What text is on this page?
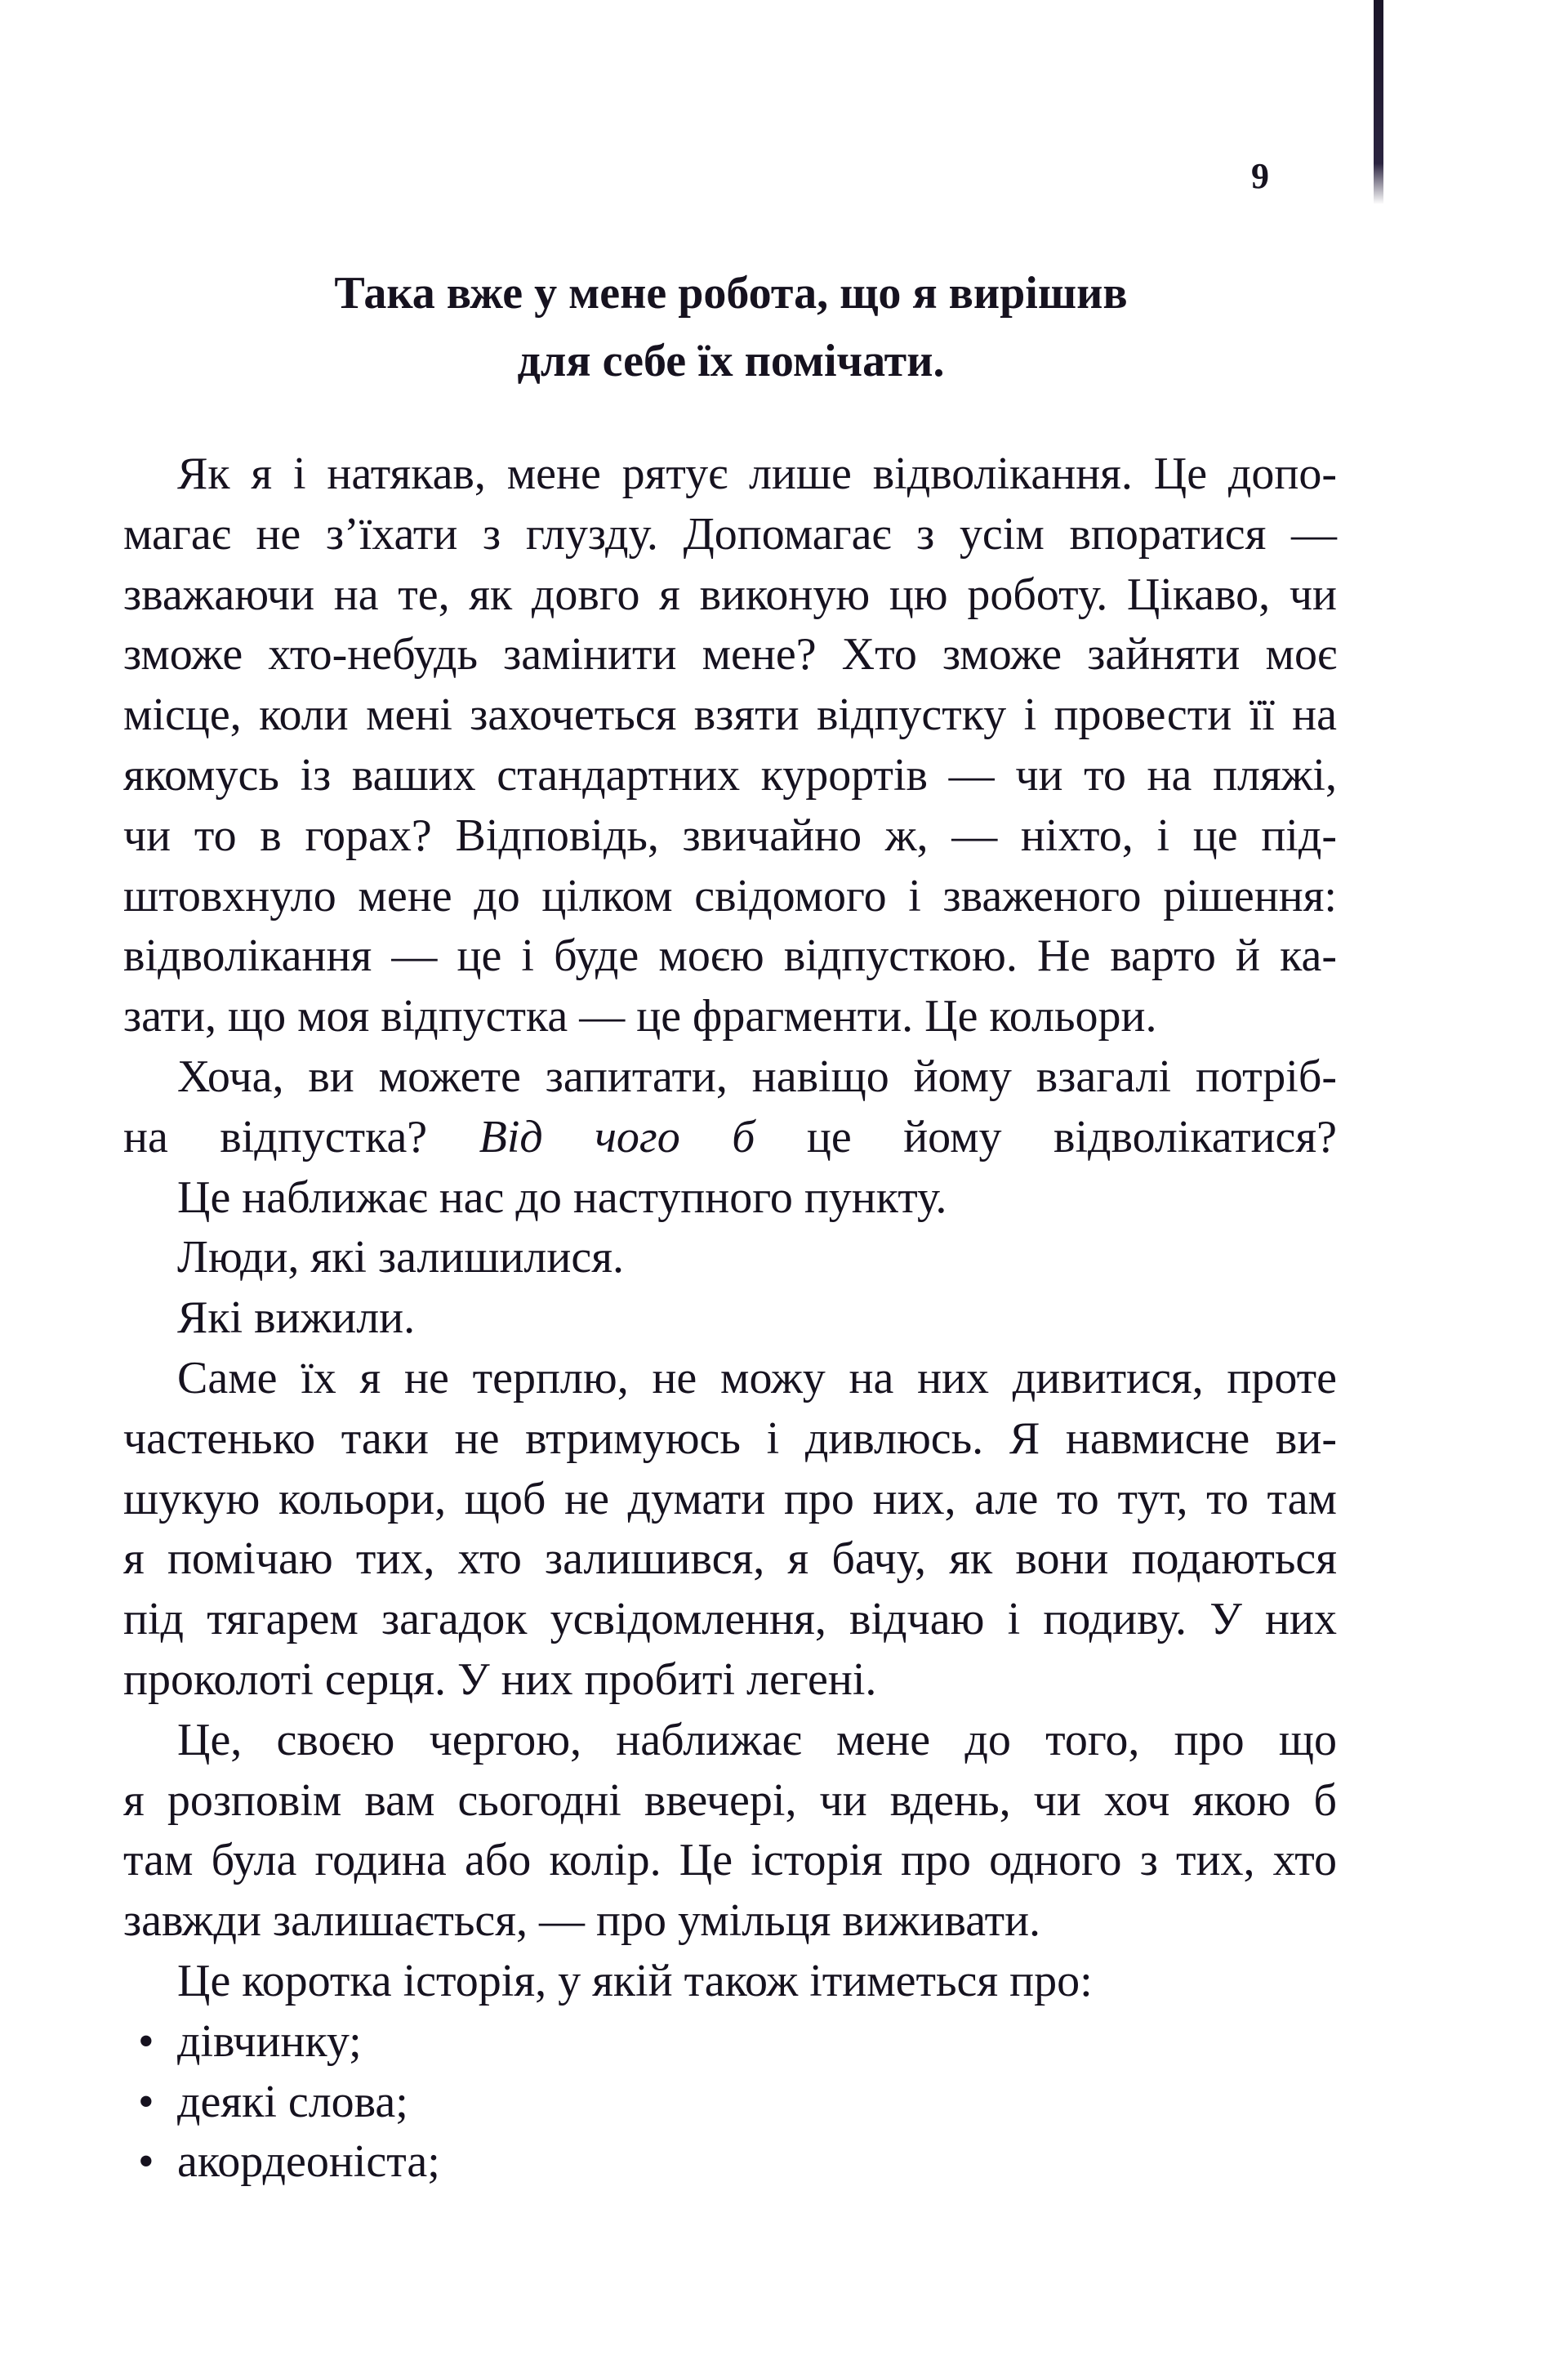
9
Така вже у мене робота, що я вирішив
для себе їх помічати.
Як я і натякав, мене рятує лише відволікання. Це допо-
магає не з’їхати з глузду. Допомагає з усім впоратися —
зважаючи на те, як довго я виконую цю роботу. Цікаво, чи
зможе хто-небудь замінити мене? Хто зможе зайняти моє
місце, коли мені захочеться взяти відпустку і провести її на
якомусь із ваших стандартних курортів — чи то на пляжі,
чи то в горах? Відповідь, звичайно ж, — ніхто, і це під-
штовхнуло мене до цілком свідомого і зваженого рішення:
відволікання — це і буде моєю відпусткою. Не варто й ка-
зати, що моя відпустка — це фрагменти. Це кольори.
Хоча, ви можете запитати, навіщо йому взагалі потріб-
на відпустка? Від чого б це йому відволікатися?
Це наближає нас до наступного пункту.
Люди, які залишилися.
Які вижили.
Саме їх я не терплю, не можу на них дивитися, проте
частенько таки не втримуюсь і дивлюсь. Я навмисне ви-
шукую кольори, щоб не думати про них, але то тут, то там
я помічаю тих, хто залишився, я бачу, як вони подаються
під тягарем загадок усвідомлення, відчаю і подиву. У них
проколоті серця. У них пробиті легені.
Це, своєю чергою, наближає мене до того, про що
я розповім вам сьогодні ввечері, чи вдень, чи хоч якою б
там була година або колір. Це історія про одного з тих, хто
завжди залишається, — про умільця виживати.
Це коротка історія, у якій також ітиметься про:
• дівчинку;
• деякі слова;
• акордеоніста;
